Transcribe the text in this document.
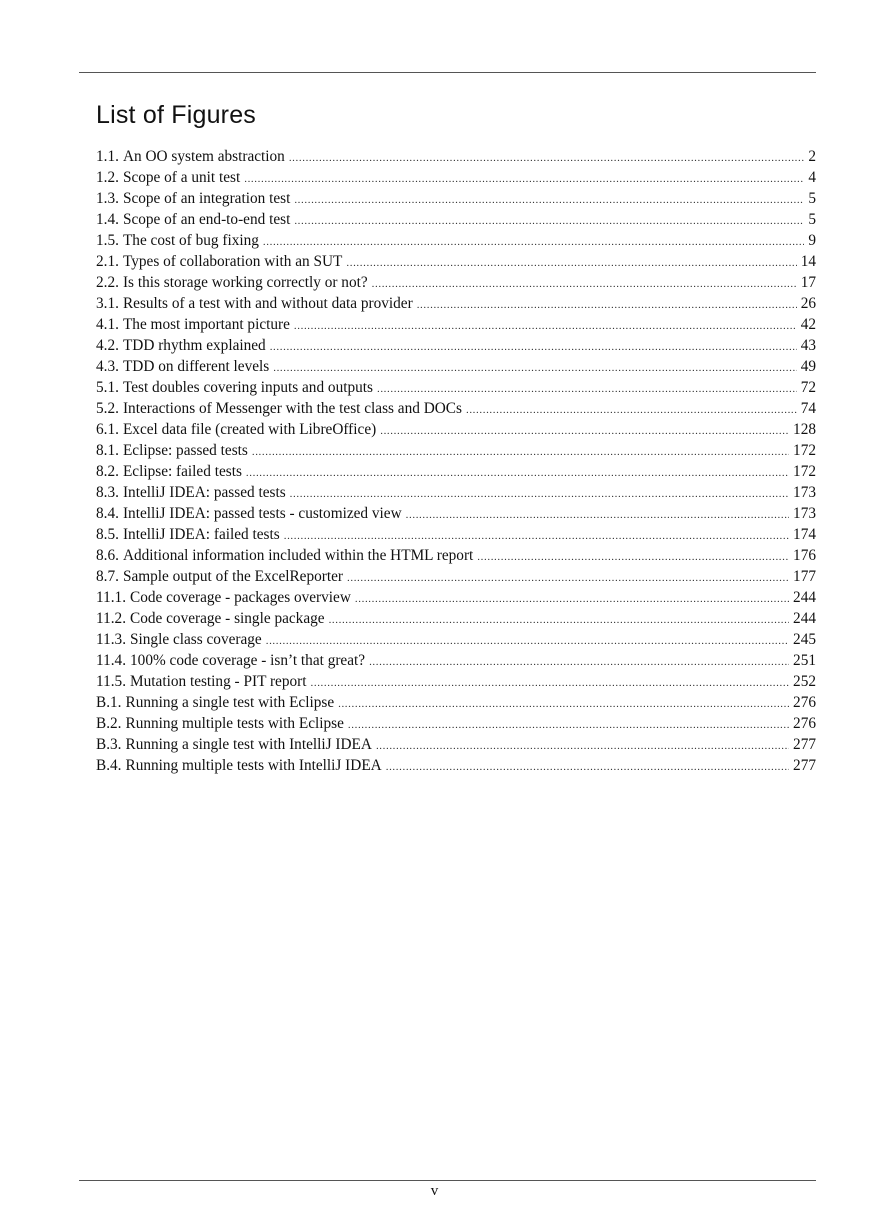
List of Figures
1.1. An OO system abstraction .....	2
1.2. Scope of a unit test .....	4
1.3. Scope of an integration test .....	5
1.4. Scope of an end-to-end test .....	5
1.5. The cost of bug fixing .....	9
2.1. Types of collaboration with an SUT .....	14
2.2. Is this storage working correctly or not? .....	17
3.1. Results of a test with and without data provider .....	26
4.1. The most important picture .....	42
4.2. TDD rhythm explained .....	43
4.3. TDD on different levels .....	49
5.1. Test doubles covering inputs and outputs .....	72
5.2. Interactions of Messenger with the test class and DOCs .....	74
6.1. Excel data file (created with LibreOffice) .....	128
8.1. Eclipse: passed tests .....	172
8.2. Eclipse: failed tests .....	172
8.3. IntelliJ IDEA: passed tests .....	173
8.4. IntelliJ IDEA: passed tests - customized view .....	173
8.5. IntelliJ IDEA: failed tests .....	174
8.6. Additional information included within the HTML report .....	176
8.7. Sample output of the ExcelReporter .....	177
11.1. Code coverage - packages overview .....	244
11.2. Code coverage - single package .....	244
11.3. Single class coverage .....	245
11.4. 100% code coverage - isn’t that great? .....	251
11.5. Mutation testing - PIT report .....	252
B.1. Running a single test with Eclipse .....	276
B.2. Running multiple tests with Eclipse .....	276
B.3. Running a single test with IntelliJ IDEA .....	277
B.4. Running multiple tests with IntelliJ IDEA .....	277
v
